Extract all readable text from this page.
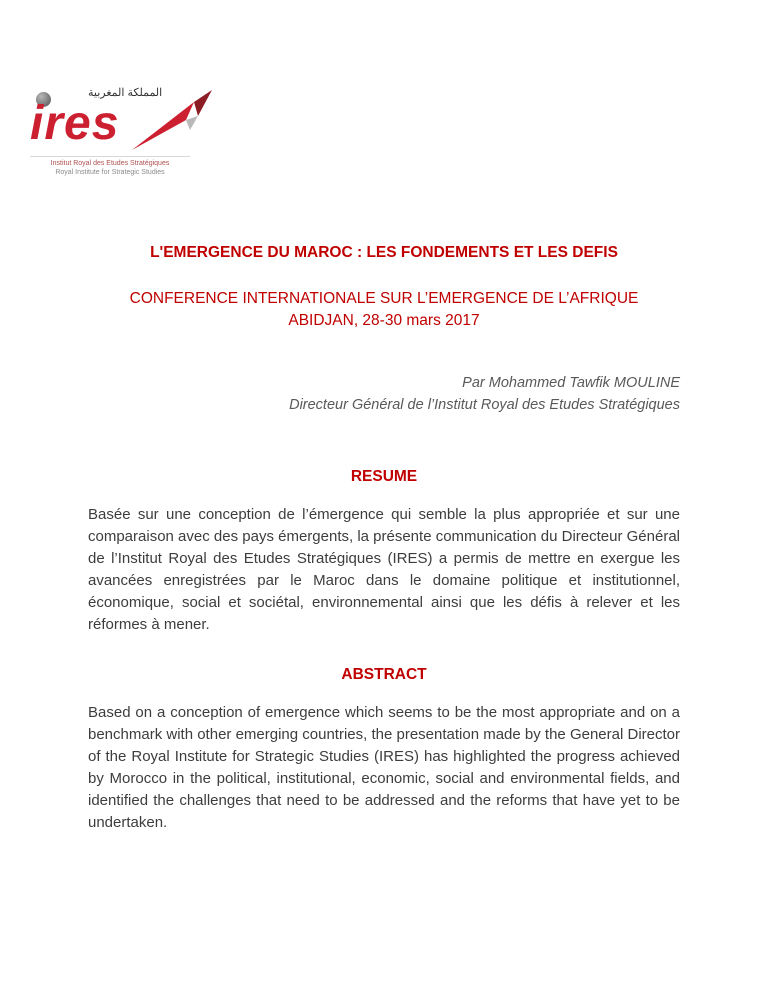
المملكة المغربية
ires
Institut Royal des Etudes Stratégiques
Royal Institute for Strategic Studies
L'EMERGENCE DU MAROC : LES FONDEMENTS ET LES DEFIS
CONFERENCE INTERNATIONALE SUR L’EMERGENCE DE L’AFRIQUE
ABIDJAN, 28-30 mars 2017
Par Mohammed Tawfik MOULINE
Directeur Général de l’Institut Royal des Etudes Stratégiques
RESUME

Basée sur une conception de l’émergence qui semble la plus appropriée et sur une comparaison avec des pays émergents, la présente communication du Directeur Général de l’Institut Royal des Etudes Stratégiques (IRES) a permis de mettre en exergue les avancées enregistrées par le Maroc dans le domaine politique et institutionnel, économique, social et sociétal, environnemental ainsi que les défis à relever et les réformes à mener.

ABSTRACT

Based on a conception of emergence which seems to be the most appropriate and on a benchmark with other emerging countries, the presentation made by the General Director of the Royal Institute for Strategic Studies (IRES) has highlighted the progress achieved by Morocco in the political, institutional, economic, social and environmental fields, and identified the challenges that need to be addressed and the reforms that have yet to be undertaken.
